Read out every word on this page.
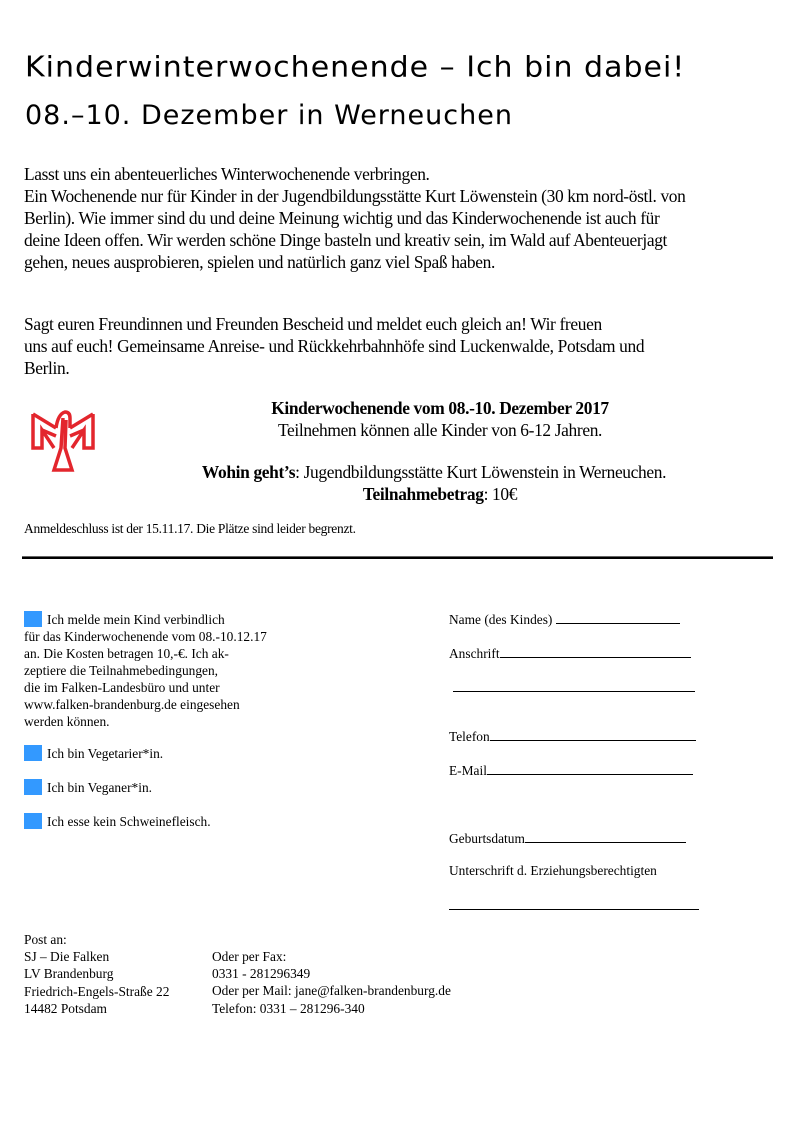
Kinderwinterwochenende – Ich bin dabei!
08.–10. Dezember in Werneuchen
Lasst uns ein abenteuerliches Winterwochenende verbringen.
Ein Wochenende nur für Kinder in der Jugendbildungsstätte Kurt Löwenstein (30 km nord-östl. von
Berlin). Wie immer sind du und deine Meinung wichtig und das Kinderwochenende ist auch für
deine Ideen offen. Wir werden schöne Dinge basteln und kreativ sein, im Wald auf Abenteuerjagt
gehen, neues ausprobieren, spielen und natürlich ganz viel Spaß haben.
Sagt euren Freundinnen und Freunden Bescheid und meldet euch gleich an! Wir freuen
uns auf euch! Gemeinsame Anreise- und Rückkehrbahnhöfe sind Luckenwalde, Potsdam und
Berlin.
Kinderwochenende vom 08.-10. Dezember 2017
Teilnehmen können alle Kinder von 6-12 Jahren.
Wohin geht’s: Jugendbildungsstätte Kurt Löwenstein in Werneuchen.
Teilnahmebetrag: 10€
Anmeldeschluss ist der 15.11.17. Die Plätze sind leider begrenzt.
Ich melde mein Kind verbindlich
für das Kinderwochenende vom 08.-10.12.17
an. Die Kosten betragen 10,-€. Ich ak-
zeptiere die Teilnahmebedingungen,
die im Falken-Landesbüro und unter
www.falken-brandenburg.de eingesehen
werden können.
Ich bin Vegetarier*in.
Ich bin Veganer*in.
Ich esse kein Schweinefleisch.
Name (des Kindes)
Anschrift
Telefon
E-Mail
Geburtsdatum
Unterschrift d. Erziehungsberechtigten
Post an:
SJ – Die Falken
LV Brandenburg
Friedrich-Engels-Straße 22
14482 Potsdam
Oder per Fax:
0331 - 281296349
Oder per Mail: jane@falken-brandenburg.de
Telefon: 0331 – 281296-340
